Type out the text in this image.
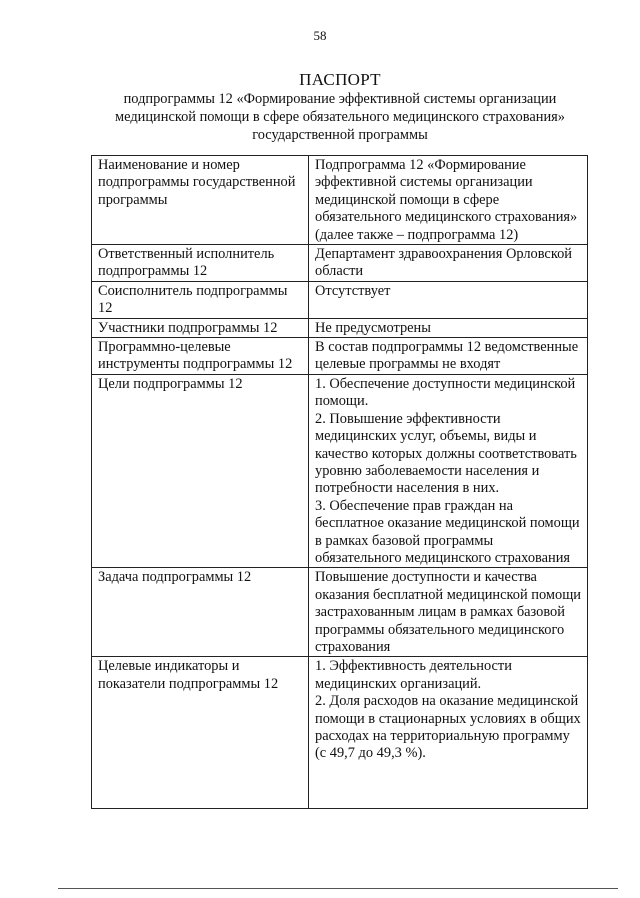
58
ПАСПОРТ

подпрограммы 12 «Формирование эффективной системы организации

медицинской помощи в сфере обязательного медицинского страхования»

государственной программы

Наименование и номер подпрограммы государственной программы	Подпрограмма 12 «Формирование эффективной системы организации медицинской помощи в сфере обязательного медицинского страхования» (далее также – подпрограмма 12)

Ответственный исполнитель подпрограммы 12	Департамент здравоохранения Орловской области

Соисполнитель подпрограммы 12	Отсутствует

Участники подпрограммы 12	Не предусмотрены

Программно-целевые инструменты подпрограммы 12	В состав подпрограммы 12 ведомственные целевые программы не входят

Цели подпрограммы 12	1. Обеспечение доступности медицинской помощи.
2. Повышение эффективности медицинских услуг, объемы, виды и качество которых должны соответствовать уровню заболеваемости населения и потребности населения в них.
3. Обеспечение прав граждан на бесплатное оказание медицинской помощи в рамках базовой программы обязательного медицинского страхования

Задача подпрограммы 12	Повышение доступности и качества оказания бесплатной медицинской помощи застрахованным лицам в рамках базовой программы обязательного медицинского страхования

Целевые индикаторы и показатели подпрограммы 12	1. Эффективность деятельности медицинских организаций.
2. Доля расходов на оказание медицинской помощи в стационарных условиях в общих расходах на территориальную программу
(с 49,7 до 49,3 %).
